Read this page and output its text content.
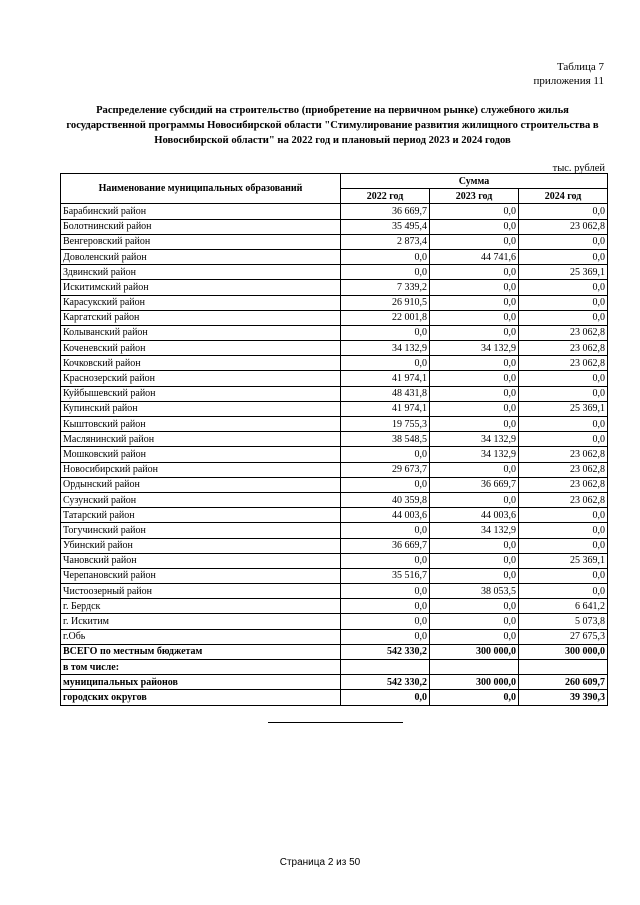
Таблица 7
приложения 11
Распределение субсидий на строительство (приобретение на первичном рынке) служебного жилья государственной программы Новосибирской области "Стимулирование развития жилищного строительства в Новосибирской области" на 2022 год и плановый период 2023 и 2024 годов
тыс. рублей
Наименование муниципальных образований	Сумма		
	2022 год	2023 год	2024 год
Барабинский район	36 669,7	0,0	0,0
Болотнинский район	35 495,4	0,0	23 062,8
Венгеровский район	2 873,4	0,0	0,0
Доволенский район	0,0	44 741,6	0,0
Здвинский район	0,0	0,0	25 369,1
Искитимский район	7 339,2	0,0	0,0
Карасукский район	26 910,5	0,0	0,0
Каргатский район	22 001,8	0,0	0,0
Колыванский район	0,0	0,0	23 062,8
Коченевский район	34 132,9	34 132,9	23 062,8
Кочковский район	0,0	0,0	23 062,8
Краснозерский район	41 974,1	0,0	0,0
Куйбышевский район	48 431,8	0,0	0,0
Купинский район	41 974,1	0,0	25 369,1
Кыштовский район	19 755,3	0,0	0,0
Маслянинский район	38 548,5	34 132,9	0,0
Мошковский район	0,0	34 132,9	23 062,8
Новосибирский район	29 673,7	0,0	23 062,8
Ордынский район	0,0	36 669,7	23 062,8
Сузунский район	40 359,8	0,0	23 062,8
Татарский район	44 003,6	44 003,6	0,0
Тогучинский район	0,0	34 132,9	0,0
Убинский район	36 669,7	0,0	0,0
Чановский район	0,0	0,0	25 369,1
Черепановский район	35 516,7	0,0	0,0
Чистоозерный район	0,0	38 053,5	0,0
г. Бердск	0,0	0,0	6 641,2
г. Искитим	0,0	0,0	5 073,8
г.Обь	0,0	0,0	27 675,3
ВСЕГО по местным бюджетам	542 330,2	300 000,0	300 000,0
в том числе:			
муниципальных районов	542 330,2	300 000,0	260 609,7
городских округов	0,0	0,0	39 390,3
Страница 2 из 50
